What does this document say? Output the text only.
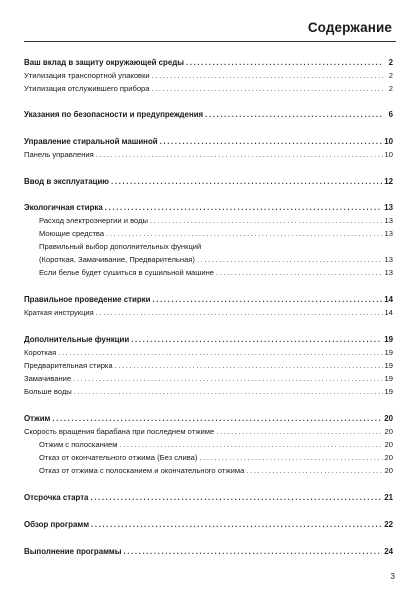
Содержание
Ваш вклад в защиту окружающей среды .....	2
Утилизация транспортной упаковки .....	2
Утилизация отслужившего прибора .....	2
Указания по безопасности и предупреждения .....	6
Управление стиральной машиной .....	10
Панель управления .....	10
Ввод в эксплуатацию .....	12
Экологичная стирка .....	13
Расход электроэнергии и воды .....	13
Моющие средства .....	13
Правильный выбор дополнительных функций
(Короткая, Замачивание, Предварительная) .....	13
Если белье будет сушиться в сушильной машине .....	13
Правильное проведение стирки .....	14
Краткая инструкция .....	14
Дополнительные функции .....	19
Короткая .....	19
Предварительная стирка .....	19
Замачивание .....	19
Больше воды .....	19
Отжим .....	20
Скорость вращения барабана при последнем отжиме .....	20
Отжим с полосканием .....	20
Отказ от окончательного отжима (Без слива) .....	20
Отказ от отжима с полосканием и окончательного отжима .....	20
Отсрочка старта .....	21
Обзор программ .....	22
Выполнение программы .....	24
3
